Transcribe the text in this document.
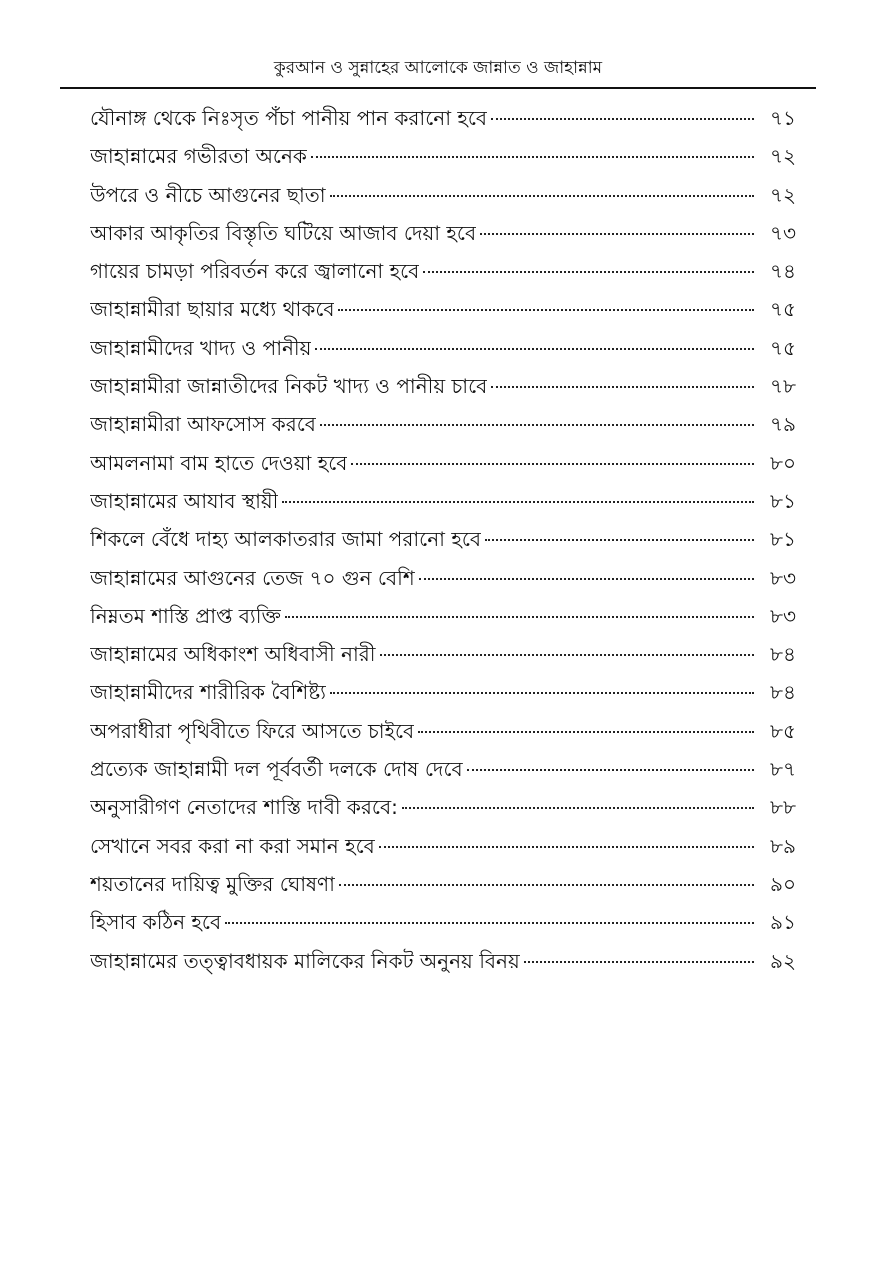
কুরআন ও সুন্নাহের আলোকে জান্নাত ও জাহান্নাম
যৌনাঙ্গ থেকে নিঃসৃত পঁচা পানীয় পান করানো হবে	৭১
জাহান্নামের গভীরতা অনেক	৭২
উপরে ও নীচে আগুনের ছাতা	৭২
আকার আকৃতির বিস্তৃতি ঘটিয়ে আজাব দেয়া হবে	৭৩
গায়ের চামড়া পরিবর্তন করে জ্বালানো হবে	৭৪
জাহান্নামীরা ছায়ার মধ্যে থাকবে	৭৫
জাহান্নামীদের খাদ্য ও পানীয়	৭৫
জাহান্নামীরা জান্নাতীদের নিকট খাদ্য ও পানীয় চাবে	৭৮
জাহান্নামীরা আফসোস করবে	৭৯
আমলনামা বাম হাতে দেওয়া হবে	৮০
জাহান্নামের আযাব স্থায়ী	৮১
শিকলে বেঁধে দাহ্য আলকাতরার জামা পরানো হবে	৮১
জাহান্নামের আগুনের তেজ ৭০ গুন বেশি	৮৩
নিম্নতম শাস্তি প্রাপ্ত ব্যক্তি	৮৩
জাহান্নামের অধিকাংশ অধিবাসী নারী	৮৪
জাহান্নামীদের শারীরিক বৈশিষ্ট্য	৮৪
অপরাধীরা পৃথিবীতে ফিরে আসতে চাইবে	৮৫
প্রত্যেক জাহান্নামী দল পূর্ববর্তী দলকে দোষ দেবে	৮৭
অনুসারীগণ নেতাদের শাস্তি দাবী করবে:	৮৮
সেখানে সবর করা না করা সমান হবে	৮৯
শয়তানের দায়িত্ব মুক্তির ঘোষণা	৯০
হিসাব কঠিন হবে	৯১
জাহান্নামের তত্ত্বাবধায়ক মালিকের নিকট অনুনয় বিনয়	৯২
